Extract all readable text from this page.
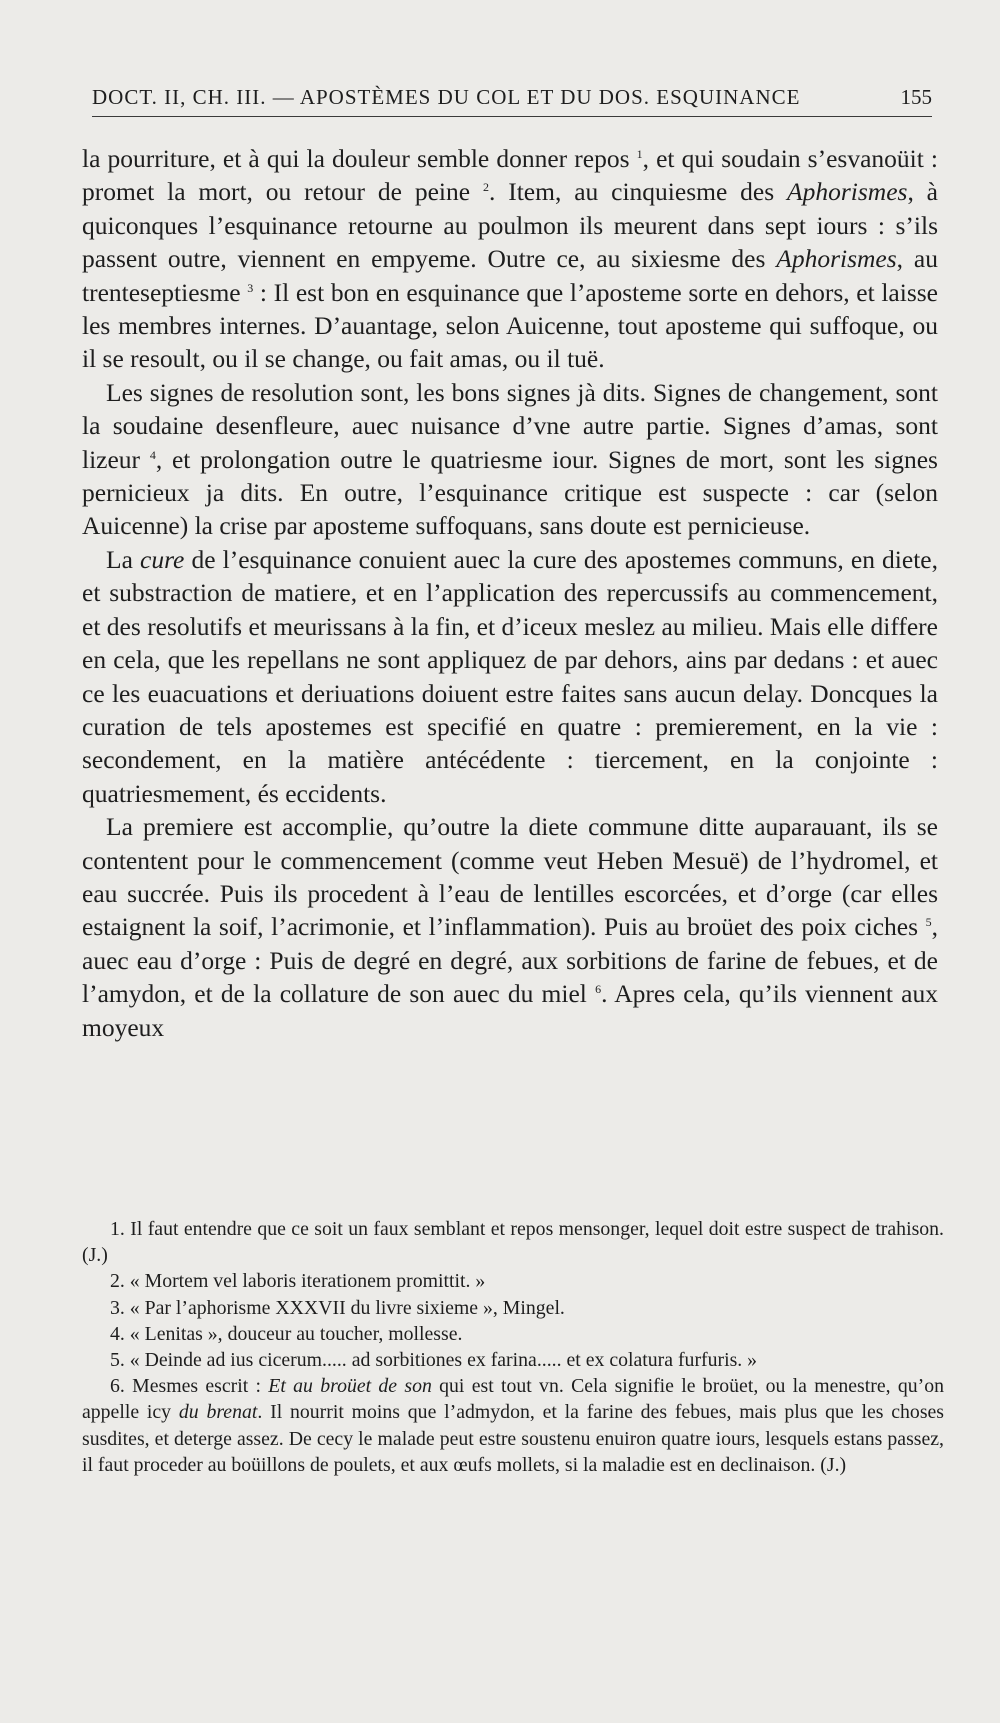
DOCT. II, CH. III. — APOSTÈMES DU COL ET DU DOS. ESQUINANCE	155

la pourriture, et à qui la douleur semble donner repos $^1$, et qui soudain s’esvanoüit : promet la mort, ou retour de peine $^2$. Item, au cinquiesme des Aphorismes, à quiconques l’esquinance retourne au poulmon ils meurent dans sept iours : s’ils passent outre, viennent en empyeme. Outre ce, au sixiesme des Aphorismes, au trenteseptiesme $^3$ : Il est bon en esquinance que l’aposteme sorte en dehors, et laisse les membres internes. D’auantage, selon Auicenne, tout aposteme qui suffoque, ou il se resoult, ou il se change, ou fait amas, ou il tuë.

Les signes de resolution sont, les bons signes jà dits. Signes de changement, sont la soudaine desenfleure, auec nuisance d’vne autre partie. Signes d’amas, sont lizeur $^4$, et prolongation outre le quatriesme iour. Signes de mort, sont les signes pernicieux ja dits. En outre, l’esquinance critique est suspecte : car (selon Auicenne) la crise par aposteme suffoquans, sans doute est pernicieuse.

La cure de l’esquinance conuient auec la cure des apostemes communs, en diete, et substraction de matiere, et en l’application des repercussifs au commencement, et des resolutifs et meurissans à la fin, et d’iceux meslez au milieu. Mais elle differe en cela, que les repellans ne sont appliquez de par dehors, ains par dedans : et auec ce les euacuations et deriuations doiuent estre faites sans aucun delay. Doncques la curation de tels apostemes est specifié en quatre : premierement, en la vie : secondement, en la matière antécédente : tiercement, en la conjointe : quatriesmement, és eccidents.

La premiere est accomplie, qu’outre la diete commune ditte auparauant, ils se contentent pour le commencement (comme veut Heben Mesuë) de l’hydromel, et eau succrée. Puis ils procedent à l’eau de lentilles escorcées, et d’orge (car elles estaignent la soif, l’acrimonie, et l’inflammation). Puis au broüet des poix ciches $^5$, auec eau d’orge : Puis de degré en degré, aux sorbitions de farine de febues, et de l’amydon, et de la collature de son auec du miel $^6$. Apres cela, qu’ils viennent aux moyeux

1. Il faut entendre que ce soit un faux semblant et repos mensonger, lequel doit estre suspect de trahison. (J.)

2. « Mortem vel laboris iterationem promittit. »

3. « Par l’aphorisme XXXVII du livre sixieme », Mingel.

4. « Lenitas », douceur au toucher, mollesse.

5. « Deinde ad ius cicerum..... ad sorbitiones ex farina..... et ex colatura furfuris. »

6. Mesmes escrit : Et au broüet de son qui est tout vn. Cela signifie le broüet, ou la menestre, qu’on appelle icy du brenat. Il nourrit moins que l’admydon, et la farine des febues, mais plus que les choses susdites, et deterge assez. De cecy le malade peut estre soustenu enuiron quatre iours, lesquels estans passez, il faut proceder au boüillons de poulets, et aux œufs mollets, si la maladie est en declinaison. (J.)
